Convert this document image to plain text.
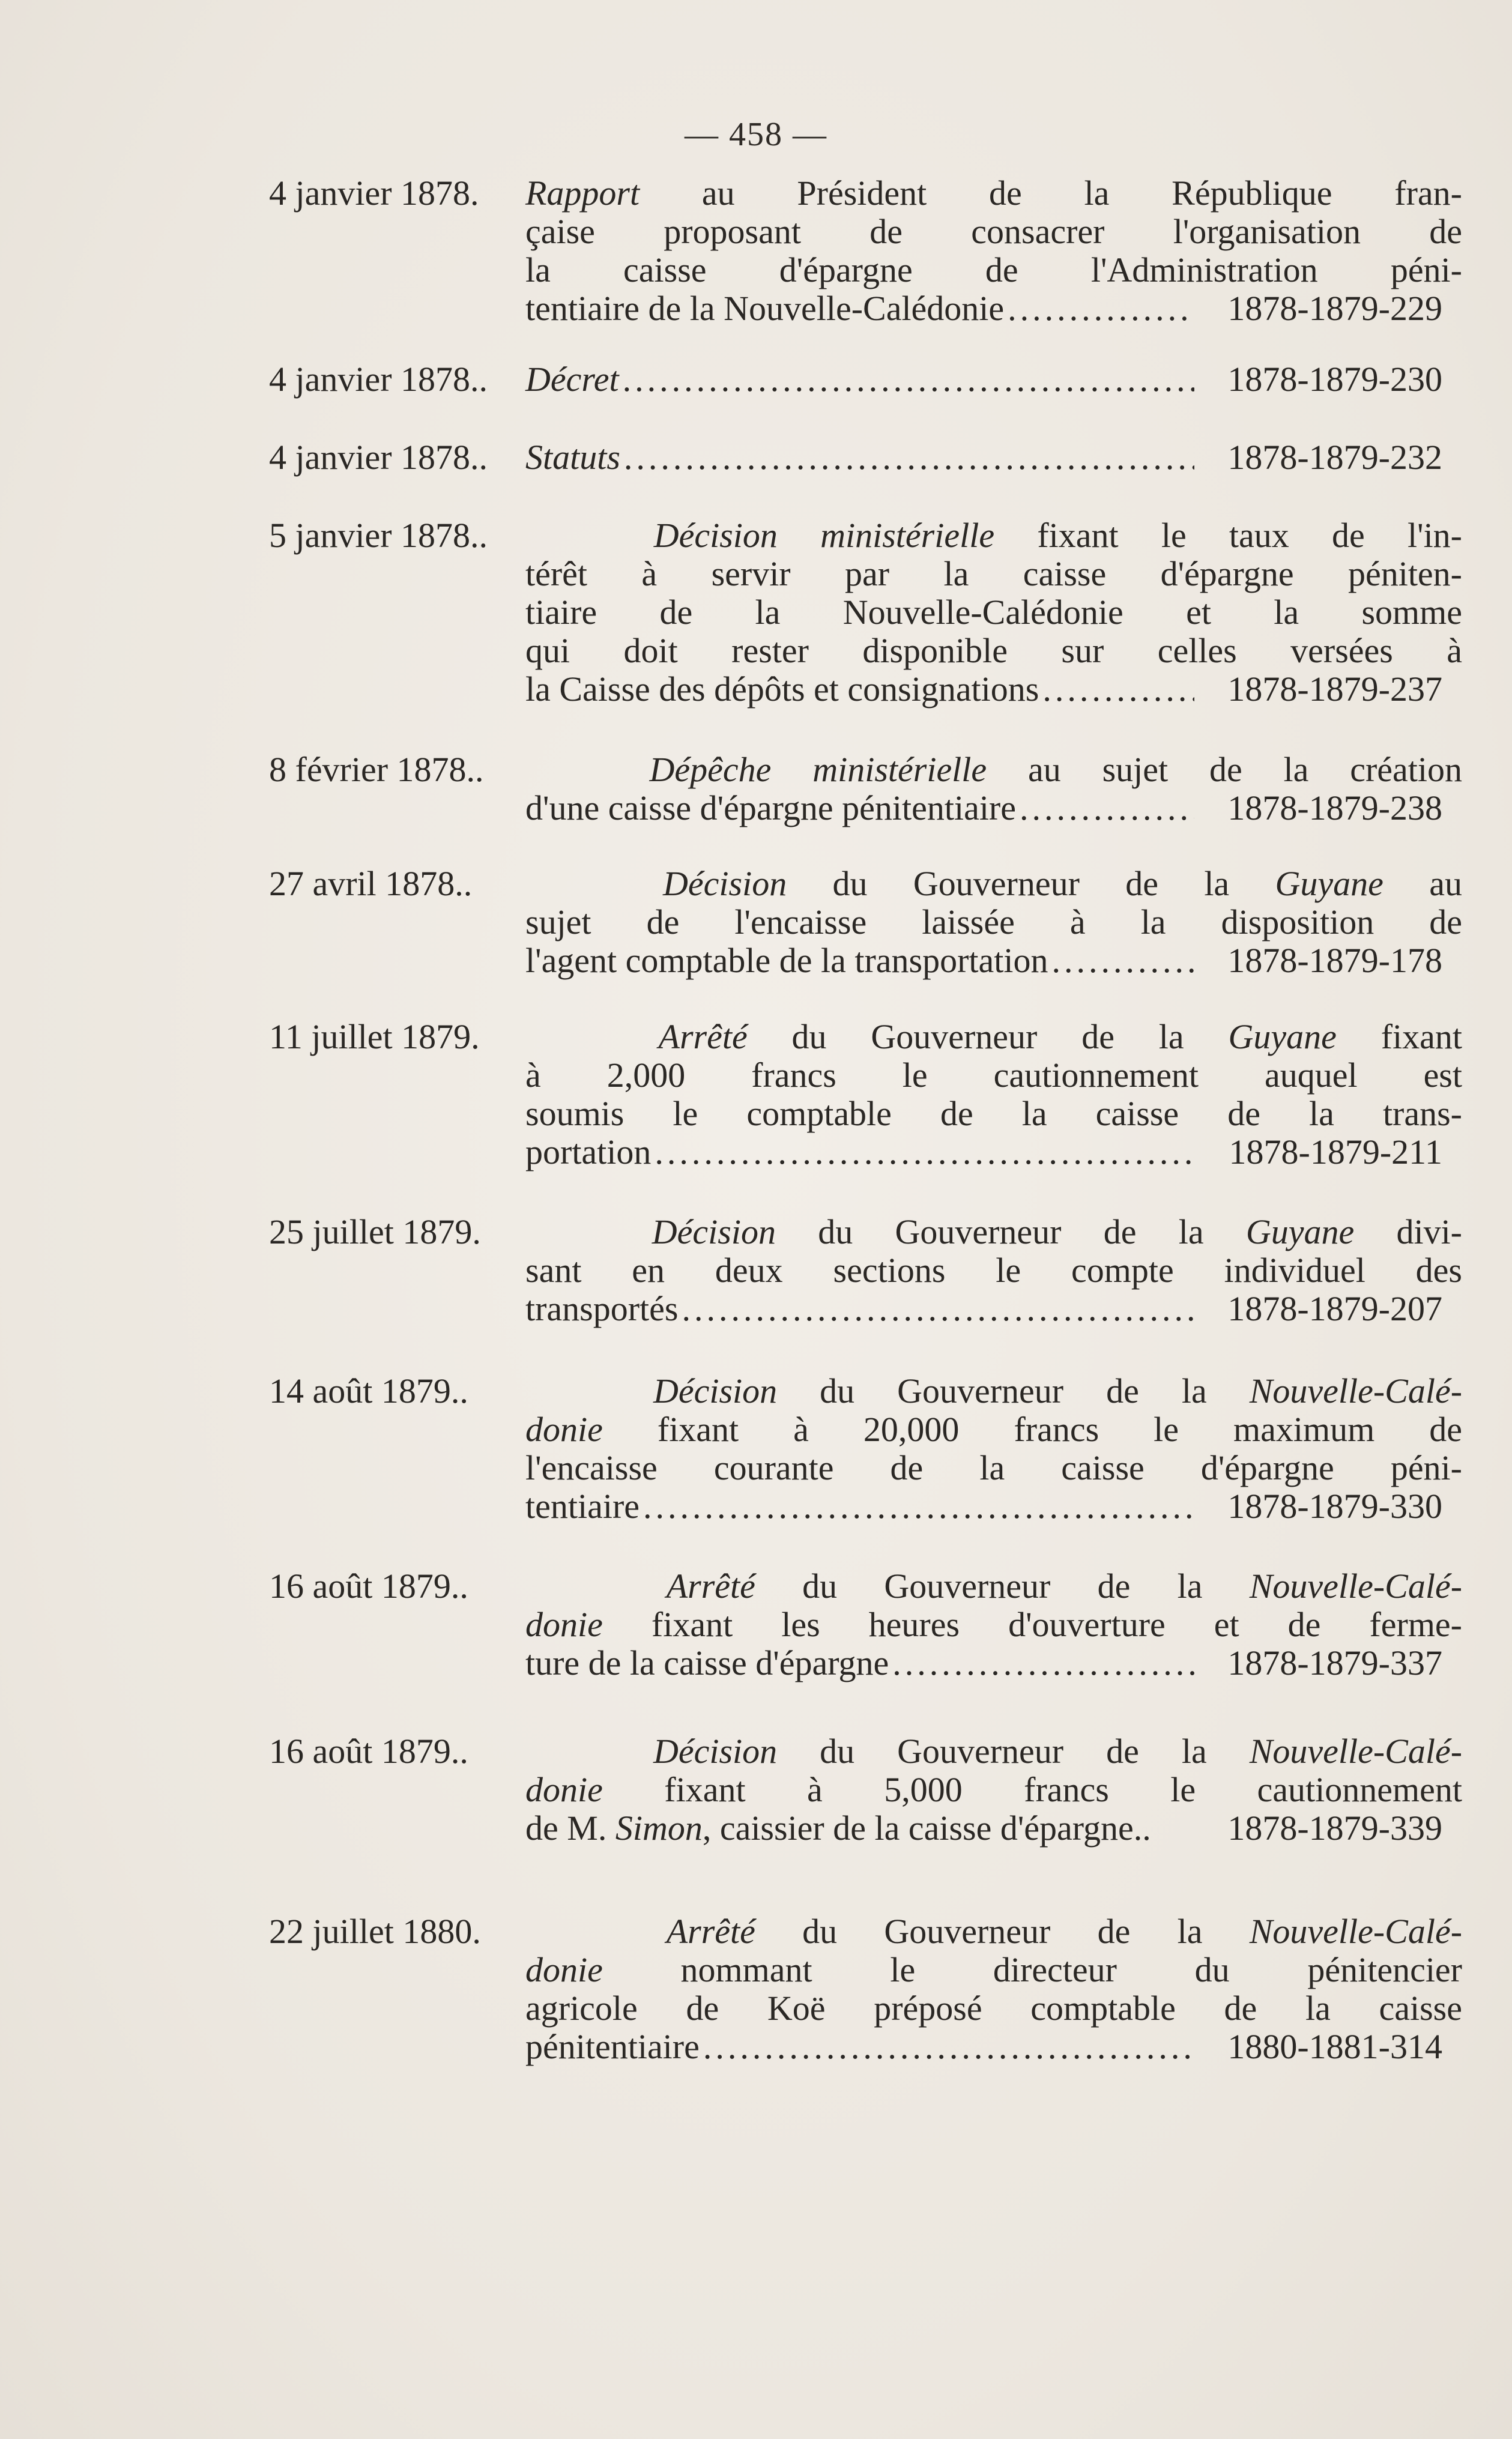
— 458 —
4 janvier 1878.	Rapport au Président de la République fran-
çaise proposant de consacrer l'organisation de
la caisse d'épargne de l'Administration péni-
tentiaire de la Nouvelle-Calédonie .....	1878-1879-229
4 janvier 1878..	Décret .....	1878-1879-230
4 janvier 1878..	Statuts .....	1878-1879-232
5 janvier 1878..	Décision ministérielle fixant le taux de l'in-
térêt à servir par la caisse d'épargne péniten-
tiaire de la Nouvelle-Calédonie et la somme
qui doit rester disponible sur celles versées à
la Caisse des dépôts et consignations .....	1878-1879-237
8 février 1878..	Dépêche ministérielle au sujet de la création
d'une caisse d'épargne pénitentiaire .....	1878-1879-238
27 avril 1878..	Décision du Gouverneur de la Guyane au
sujet de l'encaisse laissée à la disposition de
l'agent comptable de la transportation .....	1878-1879-178
11 juillet 1879.	Arrêté du Gouverneur de la Guyane fixant
à 2,000 francs le cautionnement auquel est
soumis le comptable de la caisse de la trans-
portation .....	1878-1879-211
25 juillet 1879.	Décision du Gouverneur de la Guyane divi-
sant en deux sections le compte individuel des
transportés .....	1878-1879-207
14 août 1879..	Décision du Gouverneur de la Nouvelle-Calé-
donie fixant à 20,000 francs le maximum de
l'encaisse courante de la caisse d'épargne péni-
tentiaire .....	1878-1879-330
16 août 1879..	Arrêté du Gouverneur de la Nouvelle-Calé-
donie fixant les heures d'ouverture et de ferme-
ture de la caisse d'épargne .....	1878-1879-337
16 août 1879..	Décision du Gouverneur de la Nouvelle-Calé-
donie fixant à 5,000 francs le cautionnement
de M. Simon, caissier de la caisse d'épargne.. 1878-1879-339
22 juillet 1880.	Arrêté du Gouverneur de la Nouvelle-Calé-
donie nommant le directeur du pénitencier
agricole de Koë préposé comptable de la caisse
pénitentiaire .....	1880-1881-314
